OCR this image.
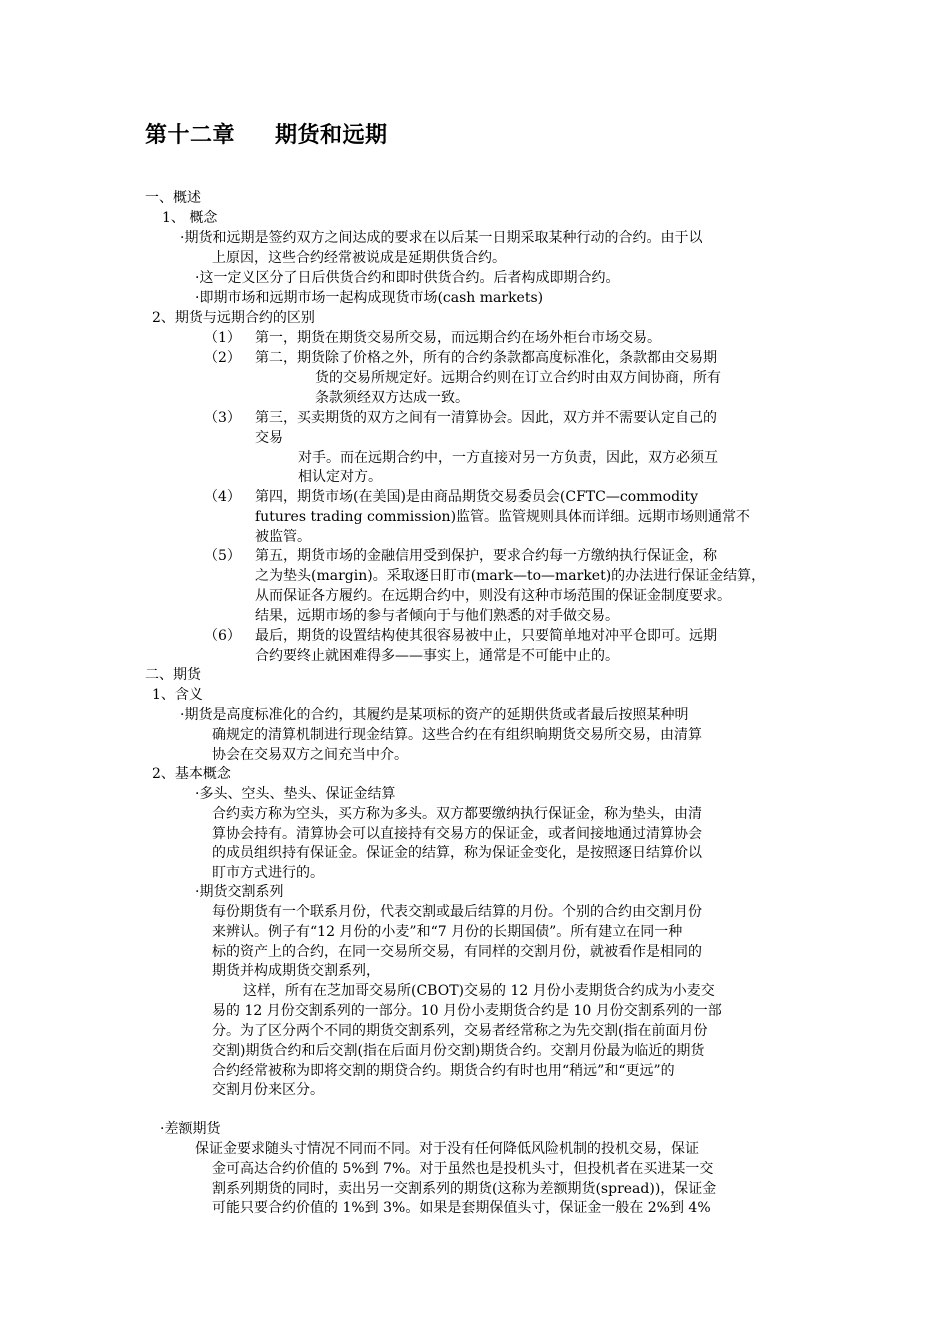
第十二章 期货和远期
（1）
（2）
（3）
（4）
（5）
（6）
一、概述
1、 概念
·期货和远期是签约双方之间达成的要求在以后某一日期采取某种行动的合约。由于以
上原因，这些合约经常被说成是延期供货合约。
·这一定义区分了日后供货合约和即时供货合约。后者构成即期合约。
·即期市场和远期市场一起构成现货市场(cash markets)
2、期货与远期合约的区别
第一，期货在期货交易所交易，而远期合约在场外柜台市场交易。
第二，期货除了价格之外，所有的合约条款都高度标准化，条款都由交易期
货的交易所规定好。远期合约则在订立合约时由双方间协商，所有
条款须经双方达成一致。
第三，买卖期货的双方之间有一清算协会。因此，双方并不需要认定自己的
交易
对手。而在远期合约中，一方直接对另一方负责，因此，双方必须互
相认定对方。
第四，期货市场(在美国)是由商品期货交易委员会(CFTC—commodity
futures trading commission)监管。监管规则具体而详细。远期市场则通常不
被监管。
第五，期货市场的金融信用受到保护，要求合约每一方缴纳执行保证金，称
之为垫头(margin)。采取逐日盯市(mark—to—market)的办法进行保证金结算，
从而保证各方履约。在远期合约中，则没有这种市场范围的保证金制度要求。
结果，远期市场的参与者倾向于与他们熟悉的对手做交易。
最后，期货的设置结构使其很容易被中止，只要简单地对冲平仓即可。远期
合约要终止就困难得多——事实上，通常是不可能中止的。
二、期货
1、含义
·期货是高度标准化的合约，其履约是某项标的资产的延期供货或者最后按照某种明
确规定的清算机制进行现金结算。这些合约在有组织晌期货交易所交易，由清算
协会在交易双方之间充当中介。
2、基本概念
·多头、空头、垫头、保证金结算
合约卖方称为空头，买方称为多头。双方都要缴纳执行保证金，称为垫头，由清
算协会持有。清算协会可以直接持有交易方的保证金，或者间接地通过清算协会
的成员组织持有保证金。保证金的结算，称为保证金变化，是按照逐日结算价以
盯市方式进行的。
·期货交割系列
每份期货有一个联系月份，代表交割或最后结算的月份。个别的合约由交割月份
来辨认。例子有“12 月份的小麦”和“7 月份的长期国债”。所有建立在同一种
标的资产上的合约，在同一交易所交易，有同样的交割月份，就被看作是相同的
期货并构成期货交割系列，
这样，所有在芝加哥交易所(CBOT)交易的 12 月份小麦期货合约成为小麦交
易的 12 月份交割系列的一部分。10 月份小麦期货合约是 10 月份交割系列的一部
分。为了区分两个不同的期货交割系列，交易者经常称之为先交割(指在前面月份
交割)期货合约和后交割(指在后面月份交割)期货合约。交割月份最为临近的期货
合约经常被称为即将交割的期贷合约。期货合约有时也用“稍远”和“更远”的
交割月份来区分。
·差额期货
保证金要求随头寸情况不同而不同。对于没有任何降低风险机制的投机交易，保证
金可高达合约价值的 5%到 7%。对于虽然也是投机头寸，但投机者在买进某一交
割系列期货的同时，卖出另一交割系列的期货(这称为差额期货(spread))，保证金
可能只要合约价值的 1%到 3%。如果是套期保值头寸，保证金一般在 2%到 4%
